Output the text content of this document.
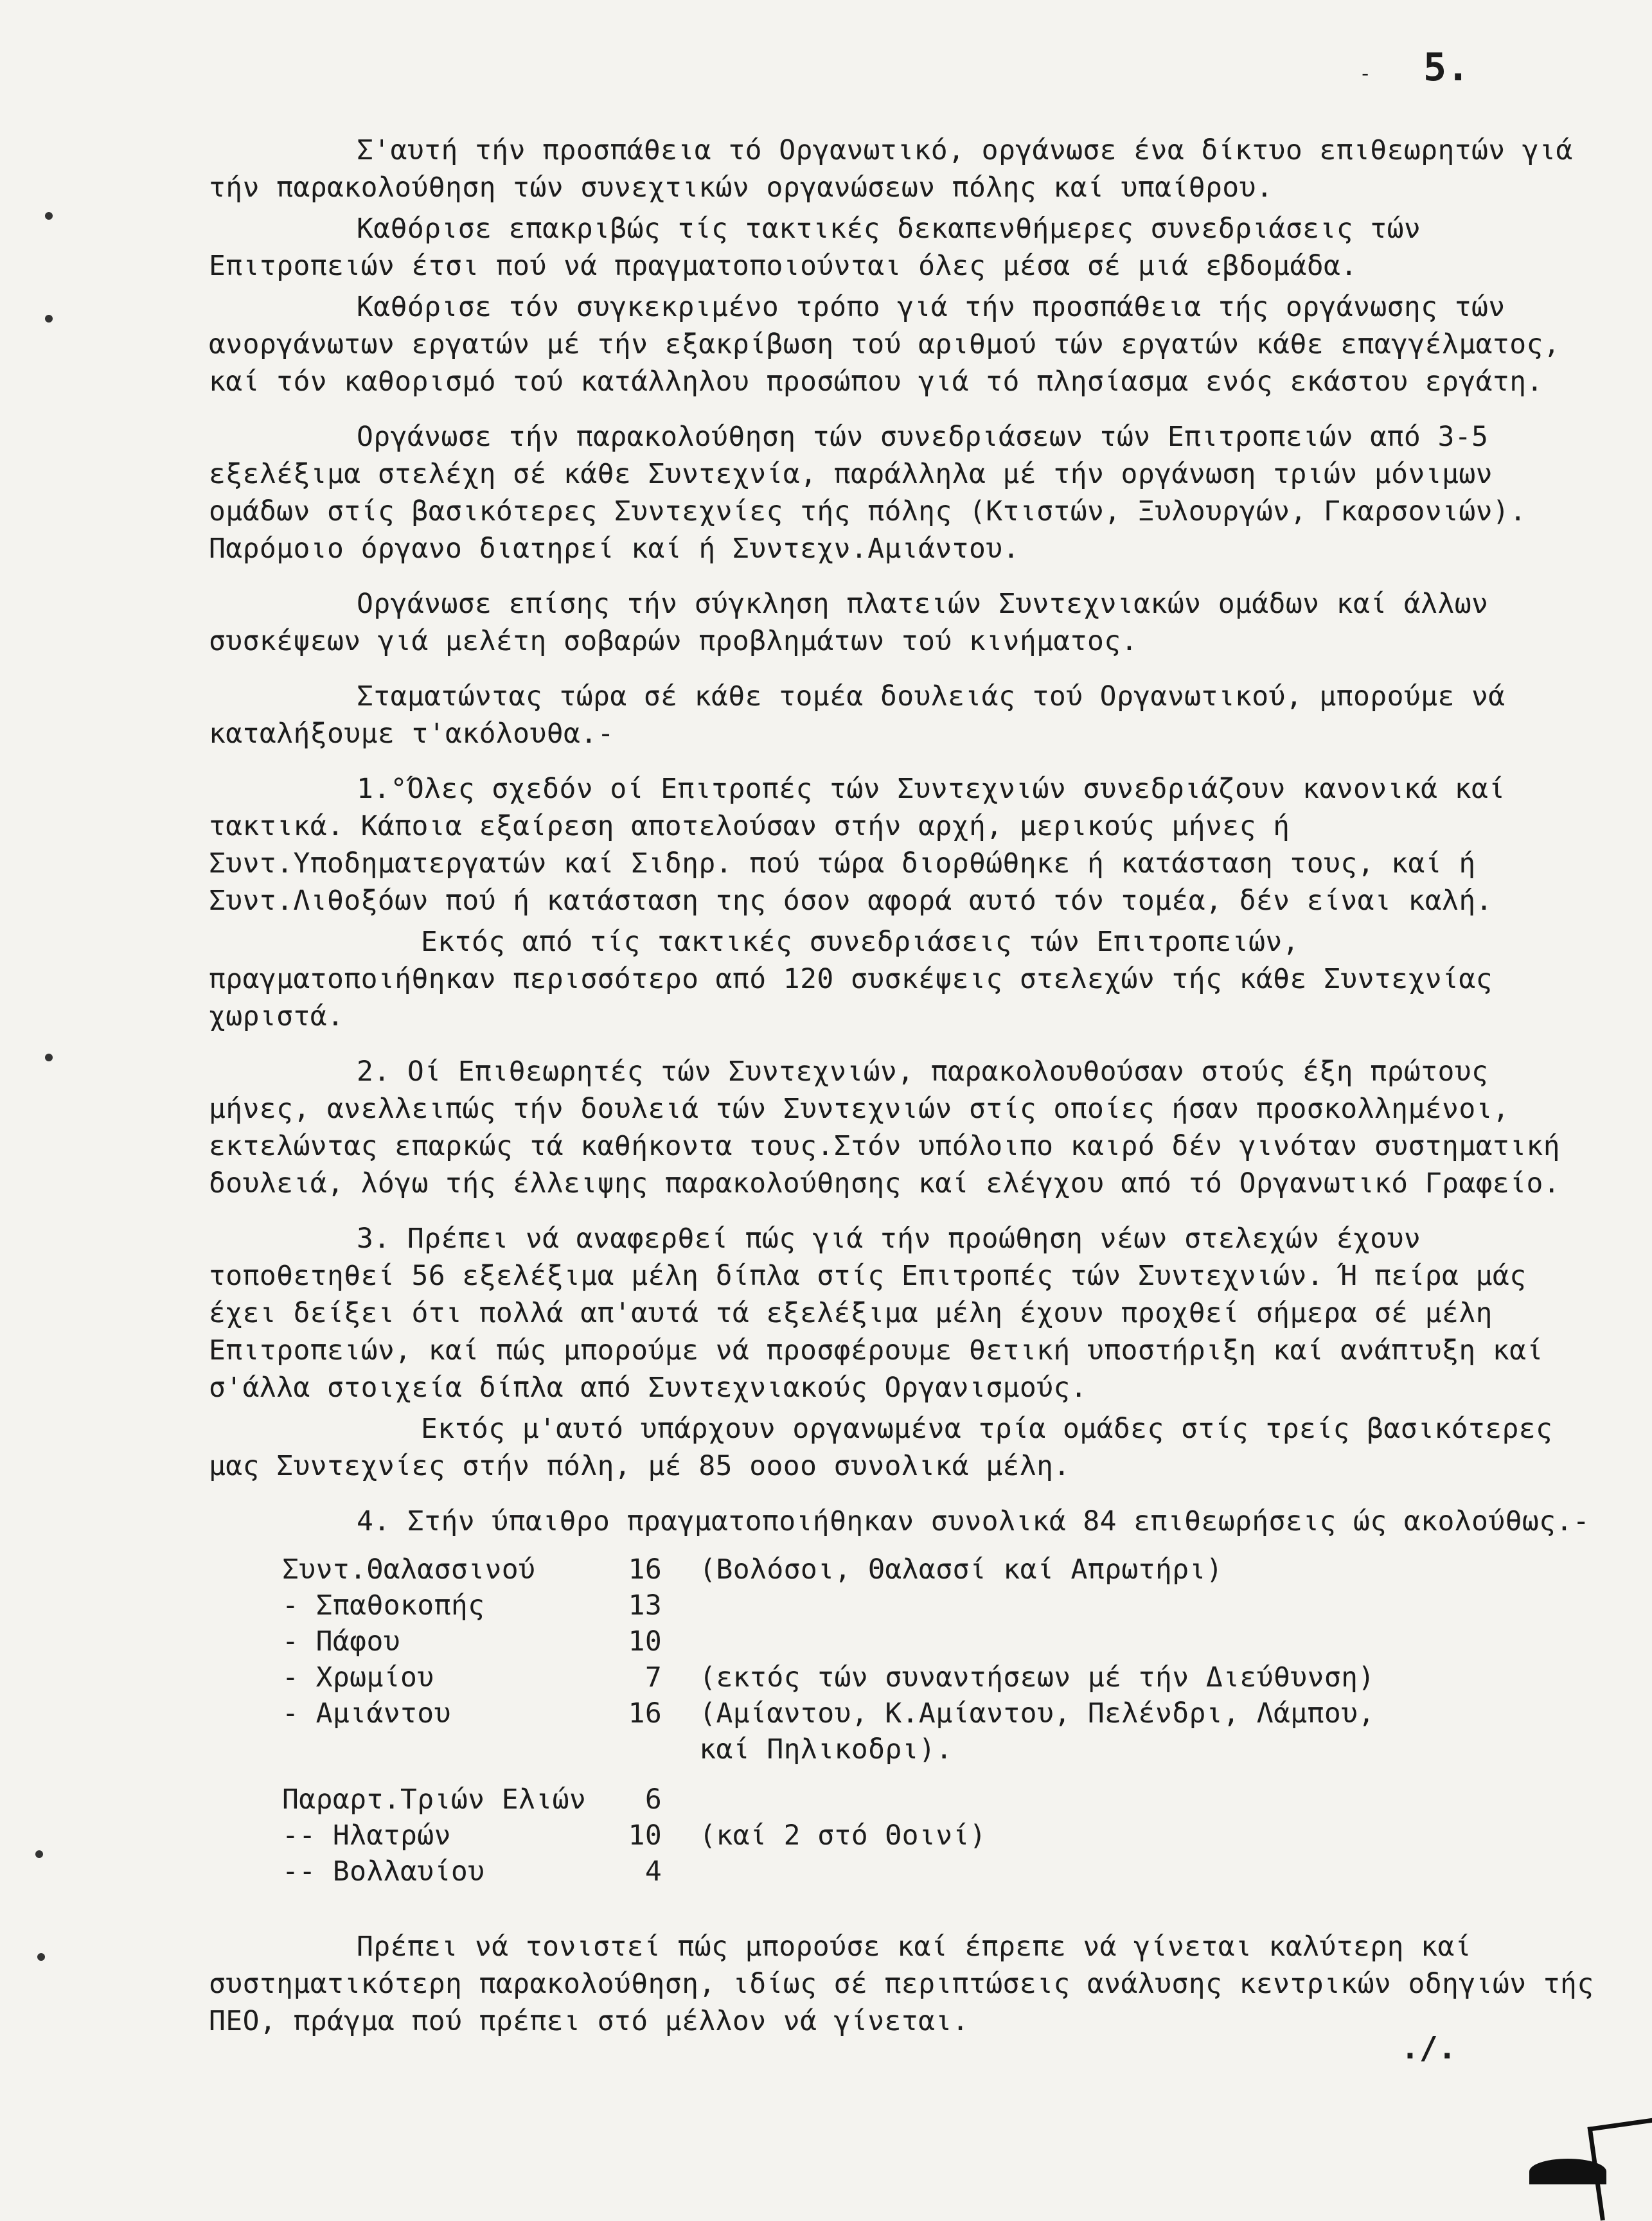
5.
-

Σ'αυτή τήν προσπάθεια τό Οργανωτικό, οργάνωσε ένα δίκτυο επιθεωρητών γιά τήν παρακολούθηση τών συνεχτικών οργανώσεων πόλης καί υπαίθρου.

Καθόρισε επακριβώς τίς τακτικές δεκαπενθήμερες συνεδριάσεις τών Επιτροπειών έτσι πού νά πραγματοποιούνται όλες μέσα σέ μιά εβδομάδα.

Καθόρισε τόν συγκεκριμένο τρόπο γιά τήν προσπάθεια τής οργάνωσης τών ανοργάνωτων εργατών μέ τήν εξακρίβωση τού αριθμού τών εργατών κάθε επαγγέλματος, καί τόν καθορισμό τού κατάλληλου προσώπου γιά τό πλησίασμα ενός εκάστου εργάτη.

Οργάνωσε τήν παρακολούθηση τών συνεδριάσεων τών Επιτροπειών από 3-5 εξελέξιμα στελέχη σέ κάθε Συντεχνία, παράλληλα μέ τήν οργάνωση τριών μόνιμων ομάδων στίς βασικότερες Συντεχνίες τής πόλης (Κτιστών, Ξυλουργών, Γκαρσονιών). Παρόμοιο όργανο διατηρεί καί ή Συντεχν.Αμιάντου.

Οργάνωσε επίσης τήν σύγκληση πλατειών Συντεχνιακών ομάδων καί άλλων συσκέψεων γιά μελέτη σοβαρών προβλημάτων τού κινήματος.

Σταματώντας τώρα σέ κάθε τομέα δουλειάς τού Οργανωτικού, μπορούμε νά καταλήξουμε τ'ακόλουθα.-

1.°Όλες σχεδόν οί Επιτροπές τών Συντεχνιών συνεδριάζουν κανονικά καί τακτικά. Κάποια εξαίρεση αποτελούσαν στήν αρχή, μερικούς μήνες ή Συντ.Υποδηματεργατών καί Σιδηρ. πού τώρα διορθώθηκε ή κατάσταση τους, καί ή Συντ.Λιθοξόων πού ή κατάσταση της όσον αφορά αυτό τόν τομέα, δέν είναι καλή.

Εκτός από τίς τακτικές συνεδριάσεις τών Επιτροπειών, πραγματοποιήθηκαν περισσότερο από 120 συσκέψεις στελεχών τής κάθε Συντεχνίας χωριστά.

2. Οί Επιθεωρητές τών Συντεχνιών, παρακολουθούσαν στούς έξη πρώτους μήνες, ανελλειπώς τήν δουλειά τών Συντεχνιών στίς οποίες ήσαν προσκολλημένοι, εκτελώντας επαρκώς τά καθήκοντα τους.Στόν υπόλοιπο καιρό δέν γινόταν συστηματική δουλειά, λόγω τής έλλειψης παρακολούθησης καί ελέγχου από τό Οργανωτικό Γραφείο.

3. Πρέπει νά αναφερθεί πώς γιά τήν προώθηση νέων στελεχών έχουν τοποθετηθεί 56 εξελέξιμα μέλη δίπλα στίς Επιτροπές τών Συντεχνιών. Ή πείρα μάς έχει δείξει ότι πολλά απ'αυτά τά εξελέξιμα μέλη έχουν προχθεί σήμερα σέ μέλη Επιτροπειών, καί πώς μπορούμε νά προσφέρουμε θετική υποστήριξη καί ανάπτυξη καί σ'άλλα στοιχεία δίπλα από Συντεχνιακούς Οργανισμούς.

Εκτός μ'αυτό υπάρχουν οργανωμένα τρία ομάδες στίς τρείς βασικότερες μας Συντεχνίες στήν πόλη, μέ 85 οοοο συνολικά μέλη.

4. Στήν ύπαιθρο πραγματοποιήθηκαν συνολικά 84 επιθεωρήσεις ώς ακολούθως.-

Συντ.Θαλασσινού	16	(Βολόσοι, Θαλασσί καί Απρωτήρι)
- Σπαθοκοπής	13	
- Πάφου	10	
- Χρωμίου	7	(εκτός τών συναντήσεων μέ τήν Διεύθυνση)
- Αμιάντου	16	(Αμίαντου, Κ.Αμίαντου, Πελένδρι, Λάμπου,
		καί Πηλικοδρι).
Παραρτ.Τριών Ελιών	6	
-- Ηλατρών	10	(καί 2 στό Θοινί)
-- Βολλαυίου	4	

Πρέπει νά τονιστεί πώς μπορούσε καί έπρεπε νά γίνεται καλύτερη καί συστηματικότερη παρακολούθηση, ιδίως σέ περιπτώσεις ανάλυσης κεντρικών οδηγιών τής ΠΕΟ, πράγμα πού πρέπει στό μέλλον νά γίνεται.

./.
